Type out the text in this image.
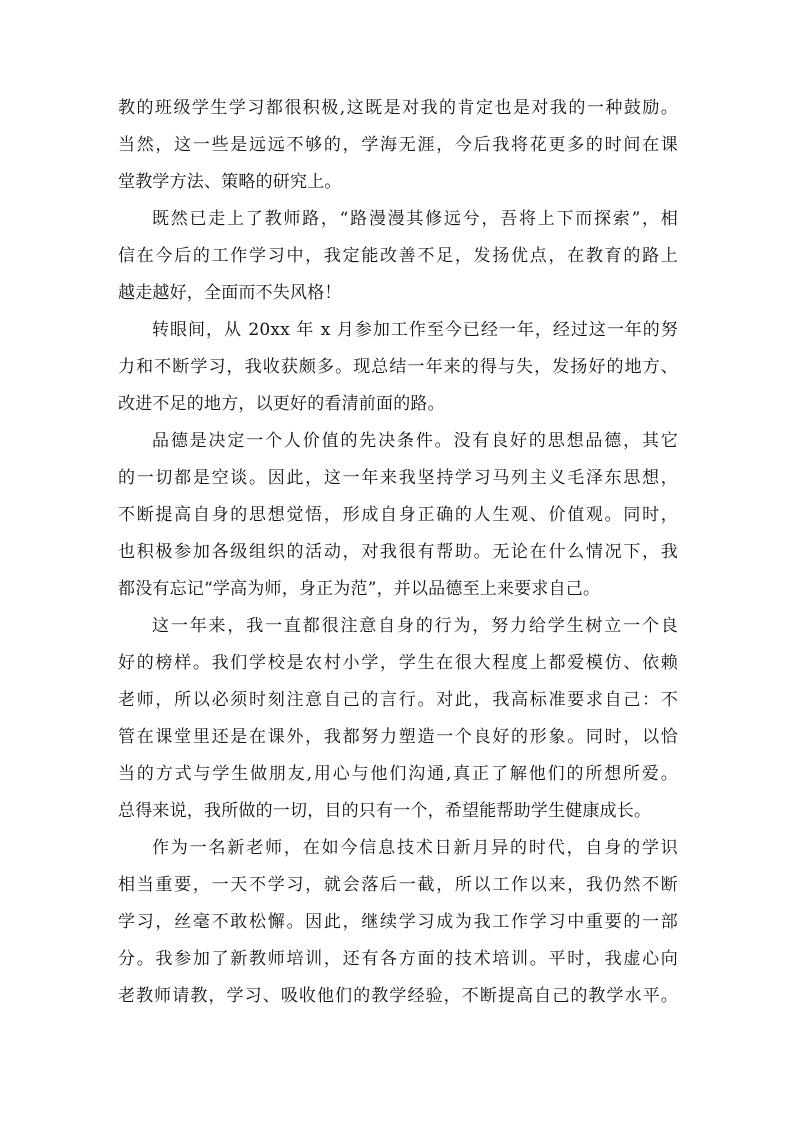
教的班级学生学习都很积极,这既是对我的肯定也是对我的一种鼓励。
当然，这一些是远远不够的，学海无涯，今后我将花更多的时间在课
堂教学方法、策略的研究上。
既然已走上了教师路，“路漫漫其修远兮，吾将上下而探索”，相
信在今后的工作学习中，我定能改善不足，发扬优点，在教育的路上
越走越好，全面而不失风格！
转眼间，从 20xx 年 x 月参加工作至今已经一年，经过这一年的努
力和不断学习，我收获颇多。现总结一年来的得与失，发扬好的地方、
改进不足的地方，以更好的看清前面的路。
品德是决定一个人价值的先决条件。没有良好的思想品德，其它
的一切都是空谈。因此，这一年来我坚持学习马列主义毛泽东思想，
不断提高自身的思想觉悟，形成自身正确的人生观、价值观。同时，
也积极参加各级组织的活动，对我很有帮助。无论在什么情况下，我
都没有忘记“学高为师，身正为范”，并以品德至上来要求自己。
这一年来，我一直都很注意自身的行为，努力给学生树立一个良
好的榜样。我们学校是农村小学，学生在很大程度上都爱模仿、依赖
老师，所以必须时刻注意自己的言行。对此，我高标准要求自己：不
管在课堂里还是在课外，我都努力塑造一个良好的形象。同时，以恰
当的方式与学生做朋友,用心与他们沟通,真正了解他们的所想所爱。
总得来说，我所做的一切，目的只有一个，希望能帮助学生健康成长。
作为一名新老师，在如今信息技术日新月异的时代，自身的学识
相当重要，一天不学习，就会落后一截，所以工作以来，我仍然不断
学习，丝毫不敢松懈。因此，继续学习成为我工作学习中重要的一部
分。我参加了新教师培训，还有各方面的技术培训。平时，我虚心向
老教师请教，学习、吸收他们的教学经验，不断提高自己的教学水平。
